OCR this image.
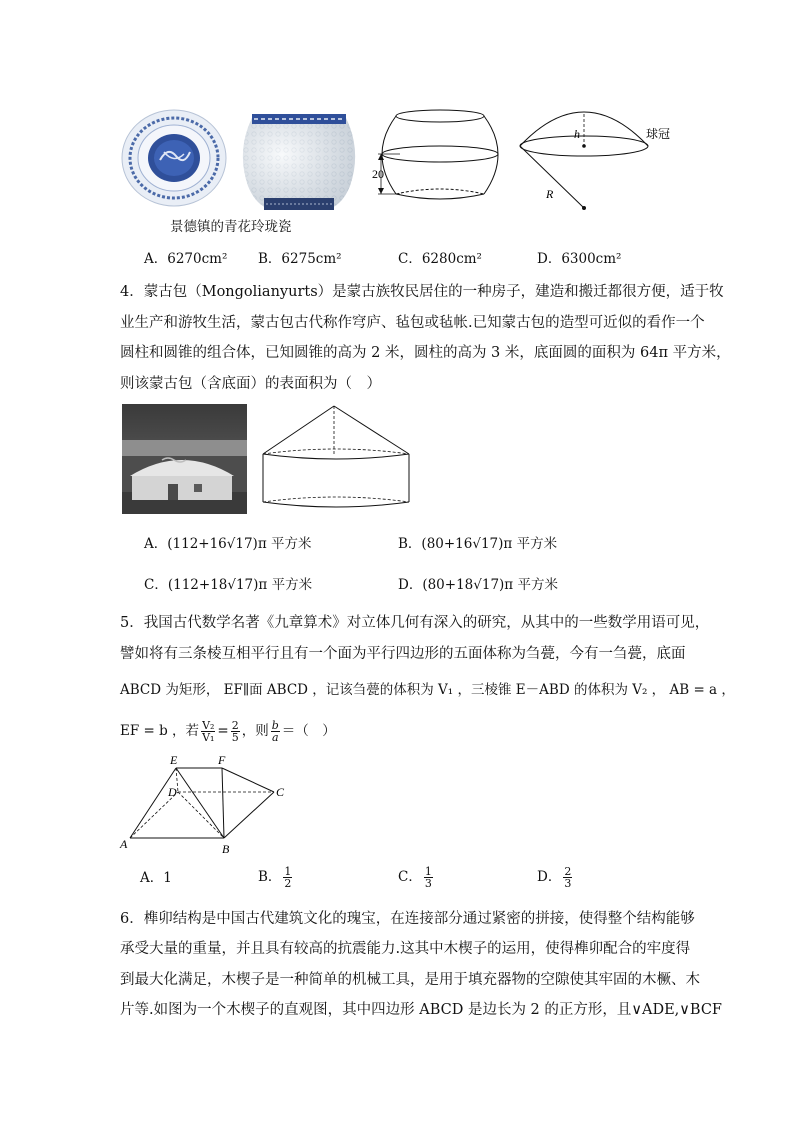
20
h	球冠
R
景德镇的青花玲珑瓷
A．6270cm² B．6275cm²	C．6280cm²	D．6300cm²
4．蒙古包（Mongolianyurts）是蒙古族牧民居住的一种房子，建造和搬迁都很方便，适于牧
业生产和游牧生活，蒙古包古代称作穹庐、毡包或毡帐.已知蒙古包的造型可近似的看作一个
圆柱和圆锥的组合体，已知圆锥的高为 2 米，圆柱的高为 3 米，底面圆的面积为 64π 平方米，
则该蒙古包（含底面）的表面积为（　）
A．(112+16√17)π 平方米	B．(80+16√17)π 平方米
C．(112+18√17)π 平方米	D．(80+18√17)π 平方米
5．我国古代数学名著《九章算术》对立体几何有深入的研究，从其中的一些数学用语可见，
譬如将有三条棱互相平行且有一个面为平行四边形的五面体称为刍甍，今有一刍甍，底面
ABCD 为矩形， EF∥面 ABCD ，记该刍甍的体积为 V₁ ，三棱锥 E－ABD 的体积为 V₂ ， AB = a ，
EF = b ，若 $\frac{\text{V₂}}{\text{V₁}} = \frac{2}{5}$ ，则 $\frac{b}{a}$ ＝（　）
E	F
D	C
A	B
A．1	B． $\frac{1}{2}$	C． $\frac{1}{3}$	D． $\frac{2}{3}$
6．榫卯结构是中国古代建筑文化的瑰宝，在连接部分通过紧密的拼接，使得整个结构能够
承受大量的重量，并且具有较高的抗震能力.这其中木楔子的运用，使得榫卯配合的牢度得
到最大化满足，木楔子是一种简单的机械工具，是用于填充器物的空隙使其牢固的木橛、木
片等.如图为一个木楔子的直观图，其中四边形 ABCD 是边长为 2 的正方形，且∨ADE,∨BCF
